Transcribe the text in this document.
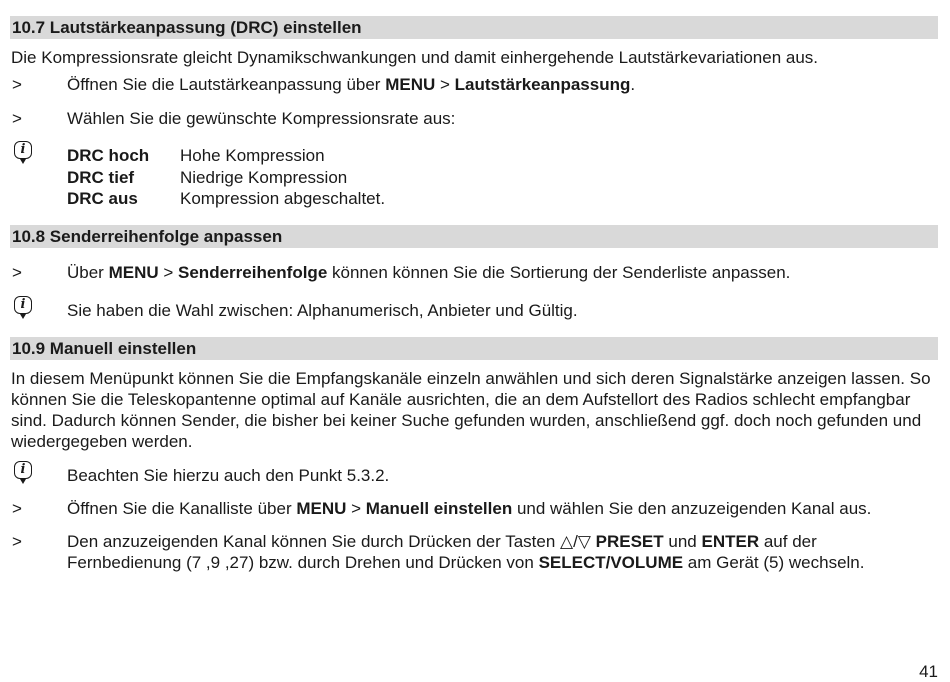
10.7 Lautstärkeanpassung (DRC) einstellen
Die Kompressionsrate gleicht Dynamikschwankungen und damit einhergehende Lautstärkevariationen aus.
>	Öffnen Sie die Lautstärkeanpassung über MENU > Lautstärkeanpassung.
>	Wählen Sie die gewünschte Kompressionsrate aus:
i	DRC hoch Hohe Kompression
DRC tief	Niedrige Kompression
DRC aus Kompression abgeschaltet.
10.8 Senderreihenfolge anpassen
>	Über MENU > Senderreihenfolge können können Sie die Sortierung der Senderliste anpassen.
i	Sie haben die Wahl zwischen: Alphanumerisch, Anbieter und Gültig.
10.9 Manuell einstellen
In diesem Menüpunkt können Sie die Empfangskanäle einzeln anwählen und sich deren Signalstärke anzeigen lassen. So können Sie die Teleskopantenne optimal auf Kanäle ausrichten, die an dem Aufstellort des Radios schlecht empfangbar sind. Dadurch können Sender, die bisher bei keiner Suche gefunden wurden, anschließend ggf. doch noch gefunden und wiedergegeben werden.
i	Beachten Sie hierzu auch den Punkt 5.3.2.
>	Öffnen Sie die Kanalliste über MENU > Manuell einstellen und wählen Sie den anzuzeigenden Kanal aus.
>	Den anzuzeigenden Kanal können Sie durch Drücken der Tasten △/▽ PRESET und ENTER auf der
Fernbedienung (7 ,9 ,27) bzw. durch Drehen und Drücken von SELECT/VOLUME am Gerät (5) wechseln.
41
